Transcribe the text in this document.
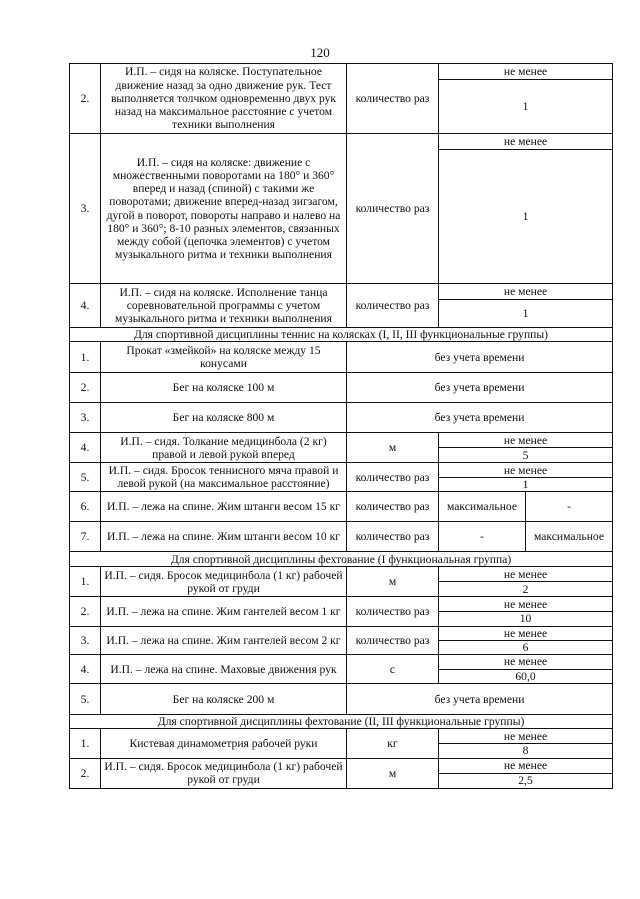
120
2.	И.П. – сидя на коляске. Поступательное движение назад за одно движение рук. Тест выполняется толчком одновременно двух рук назад на максимальное расстояние с учетом техники выполнения	количество раз	не менее	
			1	
3.	И.П. – сидя на коляске: движение с множественными поворотами на 180° и 360° вперед и назад (спиной) с такими же поворотами; движение вперед-назад зигзагом, дугой в поворот, повороты направо и налево на 180° и 360°; 8-10 разных элементов, связанных между собой (цепочка элементов) с учетом музыкального ритма и техники выполнения	количество раз	не менее	
			1	
4.	И.П. – сидя на коляске. Исполнение танца соревновательной программы с учетом музыкального ритма и техники выполнения	количество раз	не менее	
			1	
Для спортивной дисциплины теннис на колясках (I, II, III функциональные группы)				
1.	Прокат «змейкой» на коляске между 15 конусами	без учета времени		
2.	Бег на коляске 100 м	без учета времени		
3.	Бег на коляске 800 м	без учета времени		
4.	И.П. – сидя. Толкание медицинбола (2 кг) правой и левой рукой вперед	м	не менее	
			5	
5.	И.П. – сидя. Бросок теннисного мяча правой и левой рукой (на максимальное расстояние)	количество раз	не менее	
			1	
6.	И.П. – лежа на спине. Жим штанги весом 15 кг	количество раз	максимальное	-
7.	И.П. – лежа на спине. Жим штанги весом 10 кг	количество раз	-	максимальное
Для спортивной дисциплины фехтование (I функциональная группа)				
1.	И.П. – сидя. Бросок медицинбола (1 кг) рабочей рукой от груди	м	не менее	
			2	
2.	И.П. – лежа на спине. Жим гантелей весом 1 кг	количество раз	не менее	
			10	
3.	И.П. – лежа на спине. Жим гантелей весом 2 кг	количество раз	не менее	
			6	
4.	И.П. – лежа на спине. Маховые движения рук	с	не менее	
			60,0	
5.	Бег на коляске 200 м	без учета времени		
Для спортивной дисциплины фехтование (II, III функциональные группы)				
1.	Кистевая динамометрия рабочей руки	кг	не менее	
			8	
2.	И.П. – сидя. Бросок медицинбола (1 кг) рабочей рукой от груди	м	не менее	
			2,5	
